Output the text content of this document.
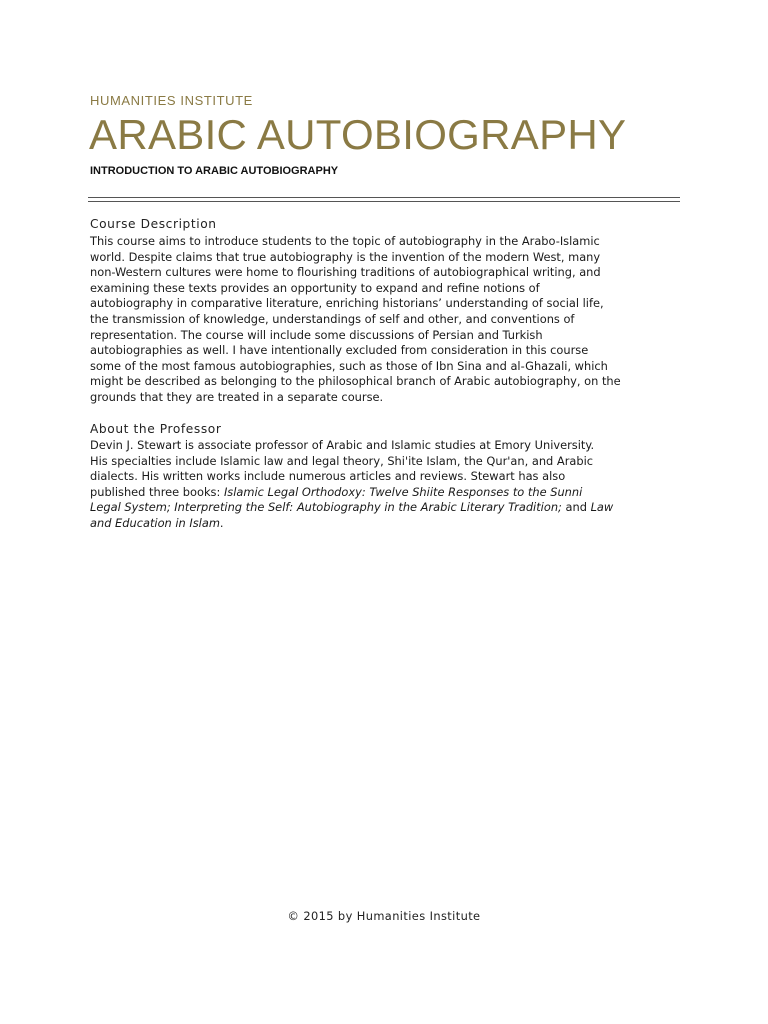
HUMANITIES INSTITUTE
ARABIC AUTOBIOGRAPHY
INTRODUCTION TO ARABIC AUTOBIOGRAPHY
Course Description
This course aims to introduce students to the topic of autobiography in the Arabo-Islamic
world. Despite claims that true autobiography is the invention of the modern West, many
non-Western cultures were home to flourishing traditions of autobiographical writing, and
examining these texts provides an opportunity to expand and refine notions of
autobiography in comparative literature, enriching historians’ understanding of social life,
the transmission of knowledge, understandings of self and other, and conventions of
representation. The course will include some discussions of Persian and Turkish
autobiographies as well. I have intentionally excluded from consideration in this course
some of the most famous autobiographies, such as those of Ibn Sina and al-Ghazali, which
might be described as belonging to the philosophical branch of Arabic autobiography, on the
grounds that they are treated in a separate course.
About the Professor
Devin J. Stewart is associate professor of Arabic and Islamic studies at Emory University.
His specialties include Islamic law and legal theory, Shi'ite Islam, the Qur'an, and Arabic
dialects. His written works include numerous articles and reviews. Stewart has also
published three books: Islamic Legal Orthodoxy: Twelve Shiite Responses to the Sunni
Legal System; Interpreting the Self: Autobiography in the Arabic Literary Tradition; and Law
and Education in Islam.
© 2015 by Humanities Institute
